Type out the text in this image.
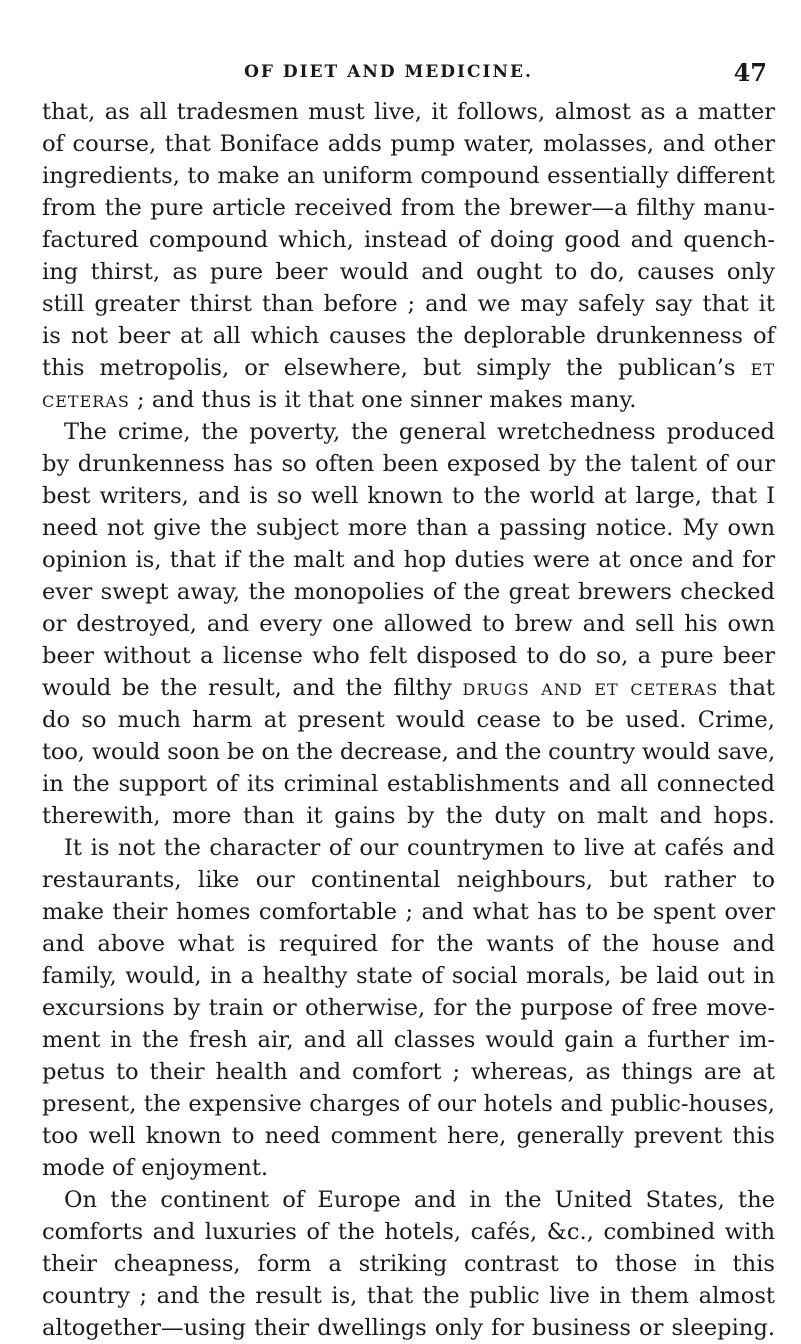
OF DIET AND MEDICINE.	47
that, as all tradesmen must live, it follows, almost as a matter
of course, that Boniface adds pump water, molasses, and other
ingredients, to make an uniform compound essentially different
from the pure article received from the brewer—a filthy manu-
factured compound which, instead of doing good and quench-
ing thirst, as pure beer would and ought to do, causes only
still greater thirst than before ; and we may safely say that it
is not beer at all which causes the deplorable drunkenness of
this metropolis, or elsewhere, but simply the publican’s et
ceteras ; and thus is it that one sinner makes many.
The crime, the poverty, the general wretchedness produced
by drunkenness has so often been exposed by the talent of our
best writers, and is so well known to the world at large, that I
need not give the subject more than a passing notice. My own
opinion is, that if the malt and hop duties were at once and for
ever swept away, the monopolies of the great brewers checked
or destroyed, and every one allowed to brew and sell his own
beer without a license who felt disposed to do so, a pure beer
would be the result, and the filthy drugs and et ceteras that
do so much harm at present would cease to be used. Crime,
too, would soon be on the decrease, and the country would save,
in the support of its criminal establishments and all connected
therewith, more than it gains by the duty on malt and hops.
It is not the character of our countrymen to live at cafés and
restaurants, like our continental neighbours, but rather to
make their homes comfortable ; and what has to be spent over
and above what is required for the wants of the house and
family, would, in a healthy state of social morals, be laid out in
excursions by train or otherwise, for the purpose of free move-
ment in the fresh air, and all classes would gain a further im-
petus to their health and comfort ; whereas, as things are at
present, the expensive charges of our hotels and public-houses,
too well known to need comment here, generally prevent this
mode of enjoyment.
On the continent of Europe and in the United States, the
comforts and luxuries of the hotels, cafés, &c., combined with
their cheapness, form a striking contrast to those in this
country ; and the result is, that the public live in them almost
altogether—using their dwellings only for business or sleeping.
